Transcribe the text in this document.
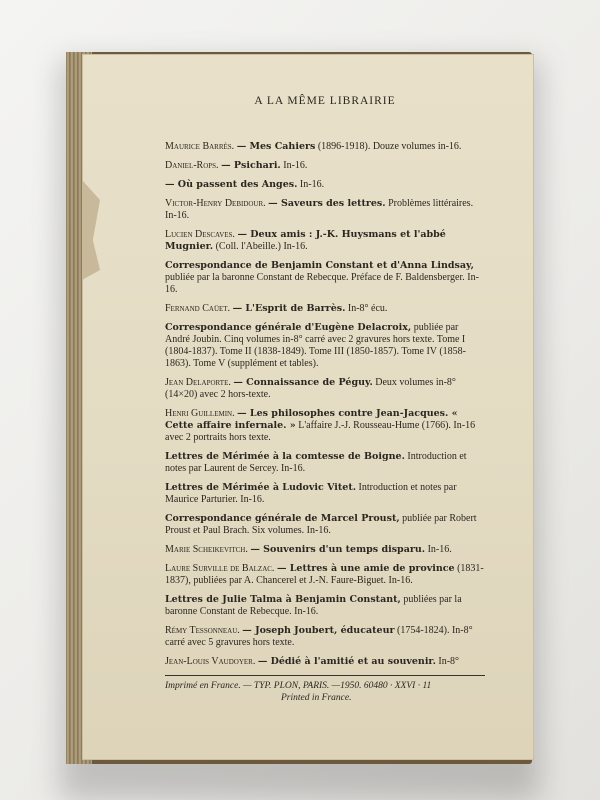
A LA MÊME LIBRAIRIE
Maurice Barrès. — Mes Cahiers (1896-1918). Douze volumes in-16.
Daniel-Rops. — Psichari. In-16.
— Où passent des Anges. In-16.
Victor-Henry Debidour. — Saveurs des lettres. Problèmes littéraires. In-16.
Lucien Descaves. — Deux amis : J.-K. Huysmans et l'abbé Mugnier. (Coll. l'Abeille.) In-16.
Correspondance de Benjamin Constant et d'Anna Lindsay, publiée par la baronne Constant de Rebecque. Préface de F. Baldensberger. In-16.
Fernand Caüet. — L'Esprit de Barrès. In-8° écu.
Correspondance générale d'Eugène Delacroix, publiée par André Joubin. Cinq volumes in-8° carré avec 2 gravures hors texte. Tome I (1804-1837). Tome II (1838-1849). Tome III (1850-1857). Tome IV (1858-1863). Tome V (supplément et tables).
Jean Delaporte. — Connaissance de Péguy. Deux volumes in-8° (14×20) avec 2 hors-texte.
Henri Guillemin. — Les philosophes contre Jean-Jacques. « Cette affaire infernale. » L'affaire J.-J. Rousseau-Hume (1766). In-16 avec 2 portraits hors texte.
Lettres de Mérimée à la comtesse de Boigne. Introduction et notes par Laurent de Sercey. In-16.
Lettres de Mérimée à Ludovic Vitet. Introduction et notes par Maurice Parturier. In-16.
Correspondance générale de Marcel Proust, publiée par Robert Proust et Paul Brach. Six volumes. In-16.
Marie Scheikevitch. — Souvenirs d'un temps disparu. In-16.
Laure Surville de Balzac. — Lettres à une amie de province (1831-1837), publiées par A. Chancerel et J.-N. Faure-Biguet. In-16.
Lettres de Julie Talma à Benjamin Constant, publiées par la baronne Constant de Rebecque. In-16.
Rémy Tessonneau. — Joseph Joubert, éducateur (1754-1824). In-8° carré avec 5 gravures hors texte.
Jean-Louis Vaudoyer. — Dédié à l'amitié et au souvenir. In-8°
Imprimé en France. — TYP. PLON, PARIS. —1950. 60480 · XXVI · 11
Printed in France.
